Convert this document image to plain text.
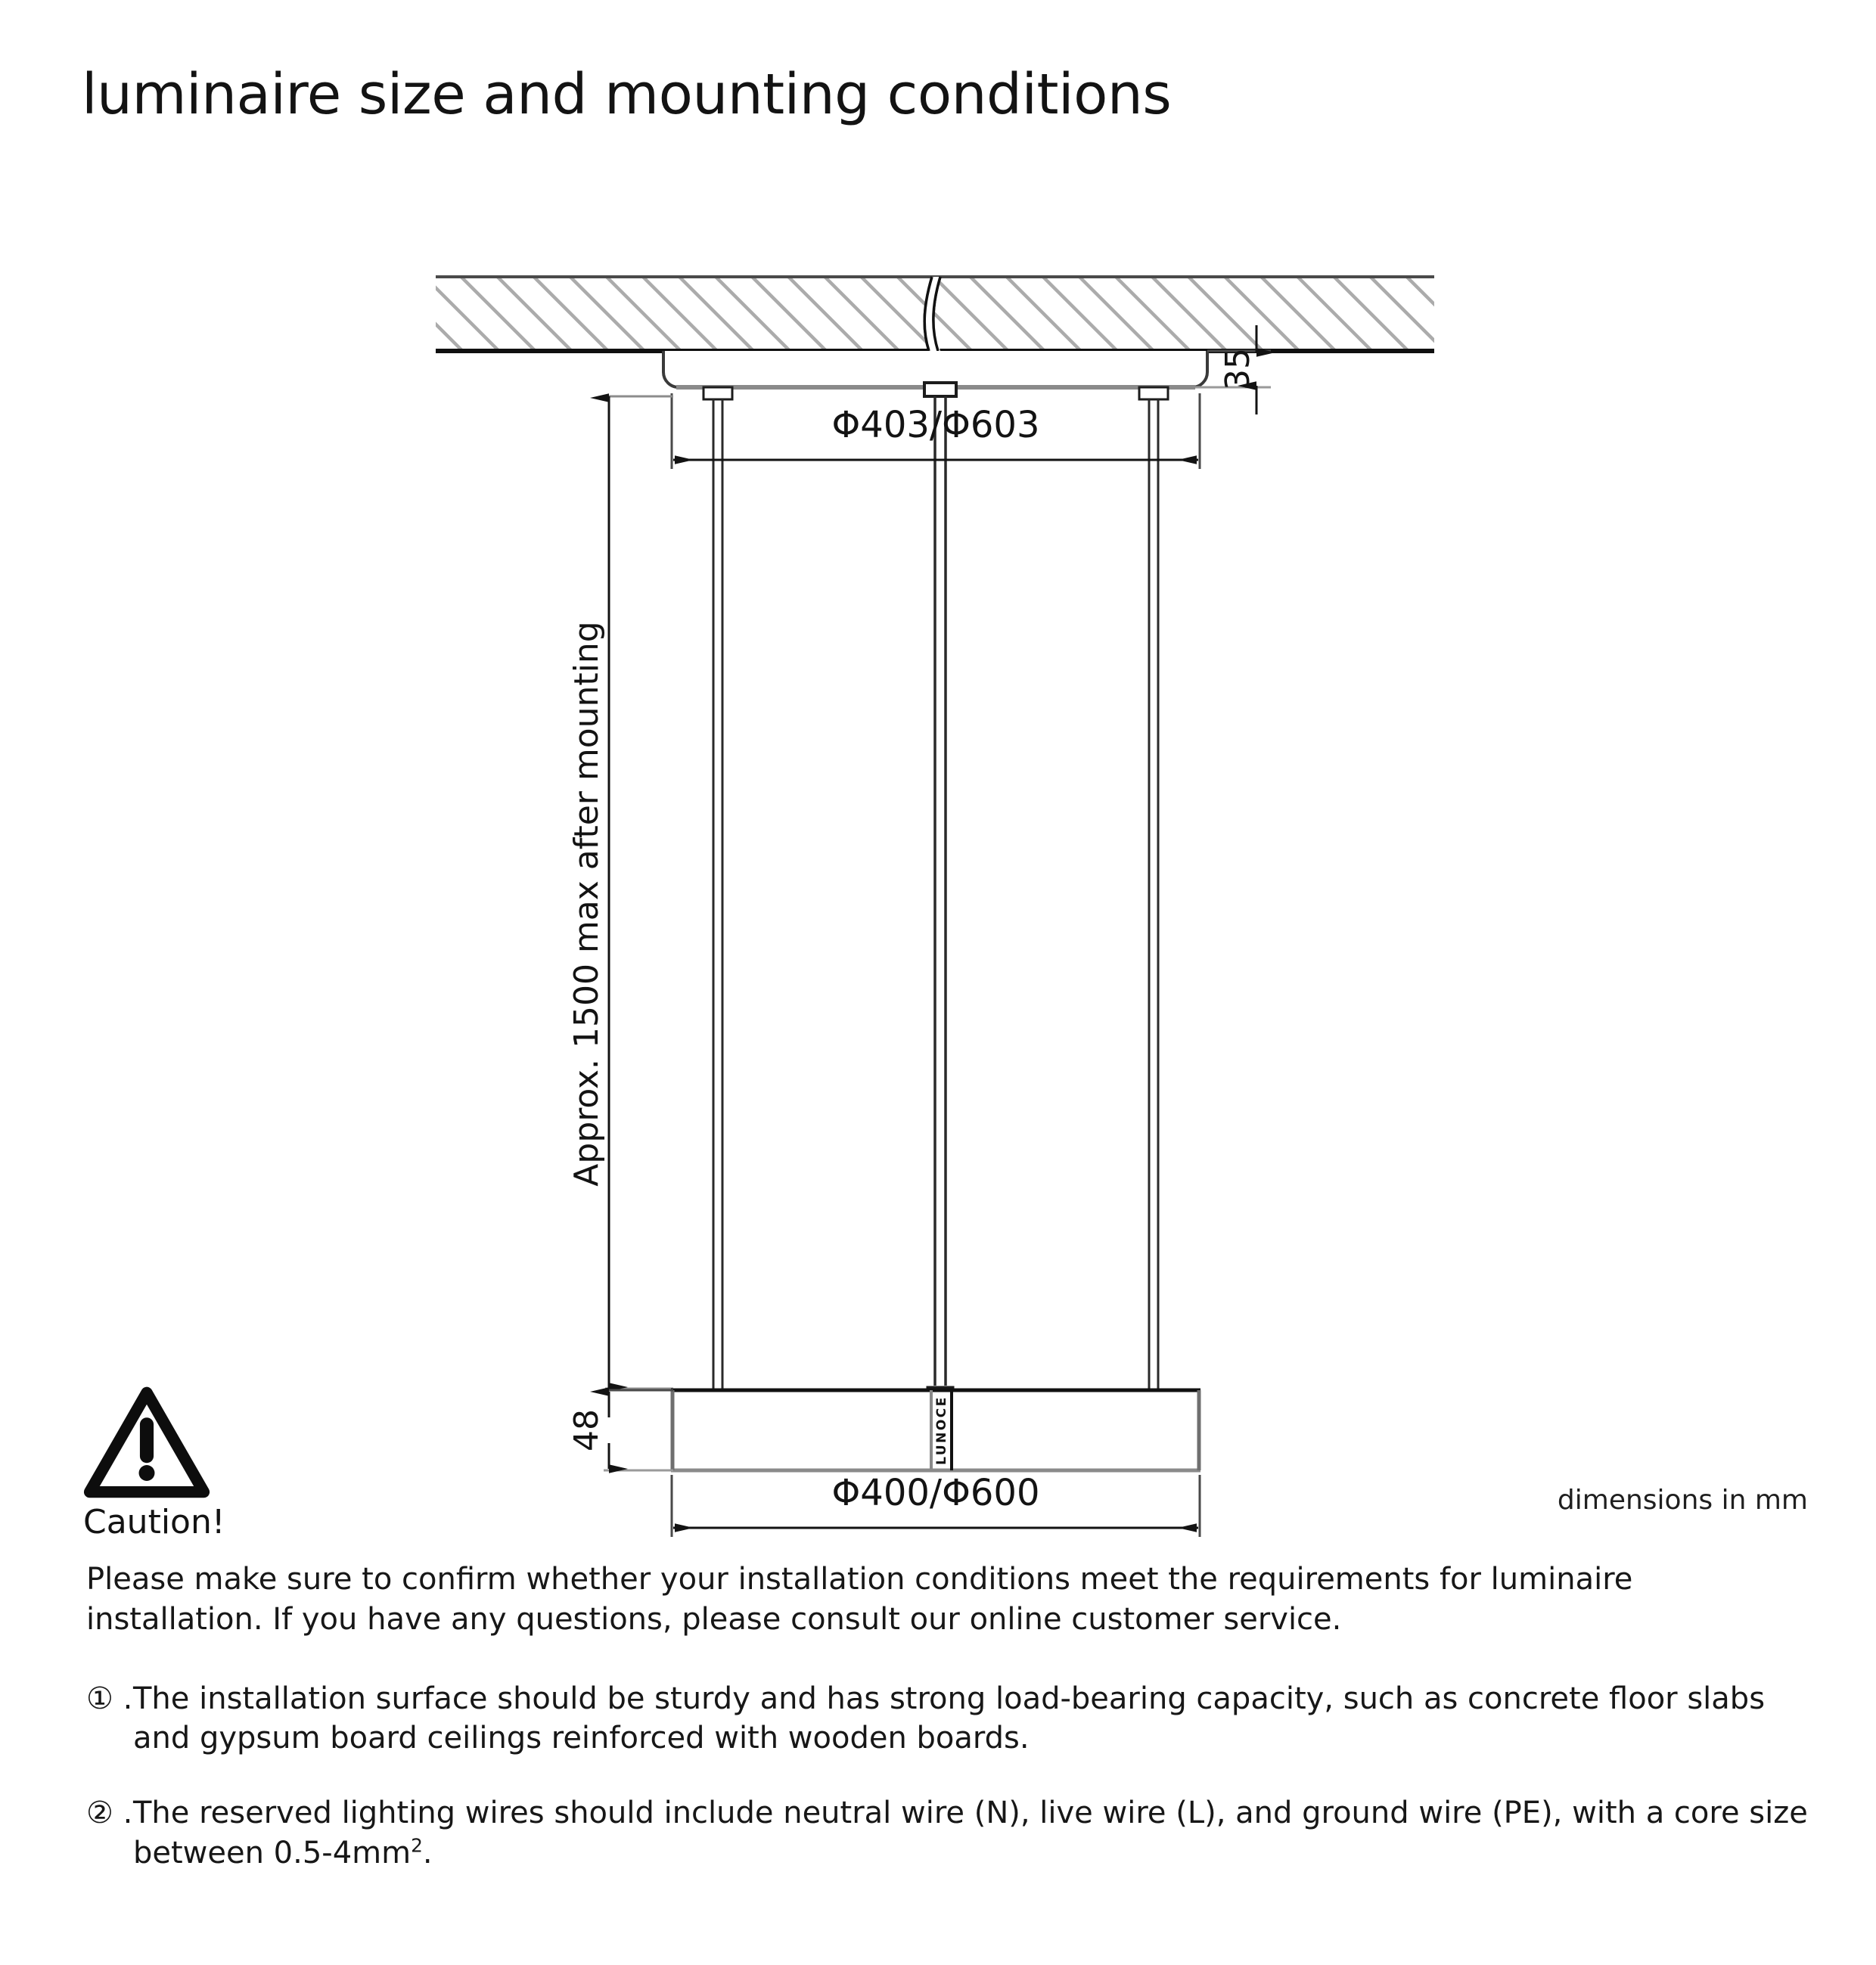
luminaire size and mounting conditions
35
Φ403/Φ603
Approx. 1500 max after mounting
LUNOCE
48
Φ400/Φ600
Caution!
dimensions in mm

Please make sure to confirm whether your installation conditions meet the requirements for luminaire installation. If you have any questions, please consult our online customer service.

① . The installation surface should be sturdy and has strong load-bearing capacity, such as concrete floor slabs and gypsum board ceilings reinforced with wooden boards.
② . The reserved lighting wires should include neutral wire (N), live wire (L), and ground wire (PE), with a core size between $0.5-4mm^2$.
